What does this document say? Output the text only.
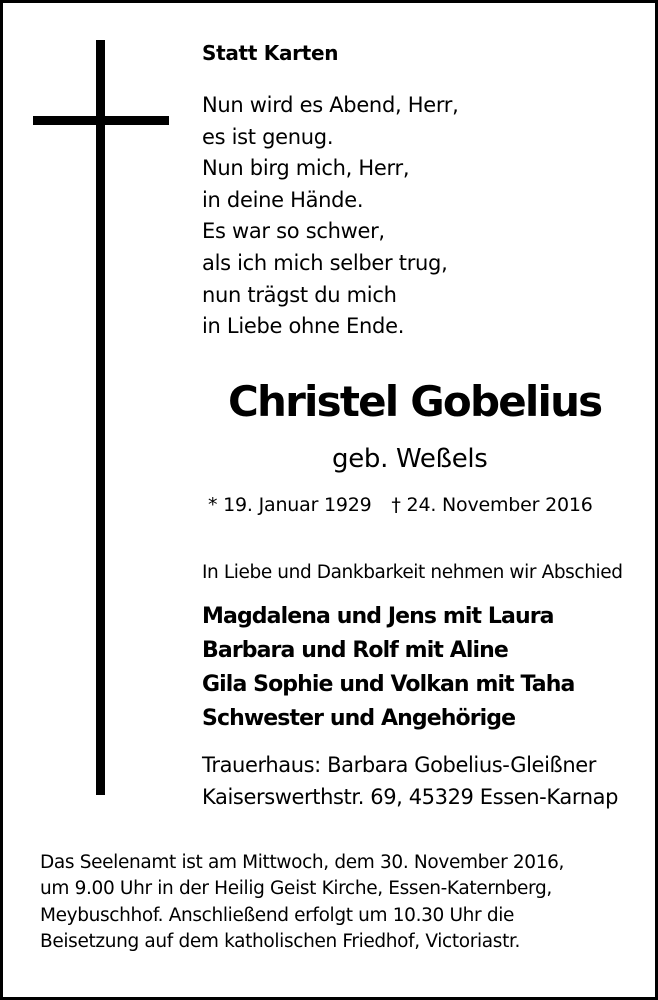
Statt Karten
Nun wird es Abend, Herr,
es ist genug.
Nun birg mich, Herr,
in deine Hände.
Es war so schwer,
als ich mich selber trug,
nun trägst du mich
in Liebe ohne Ende.
Christel Gobelius
geb. Weßels
* 19. Januar 1929 † 24. November 2016
In Liebe und Dankbarkeit nehmen wir Abschied
Magdalena und Jens mit Laura
Barbara und Rolf mit Aline
Gila Sophie und Volkan mit Taha
Schwester und Angehörige
Trauerhaus: Barbara Gobelius-Gleißner
Kaiserswerthstr. 69, 45329 Essen-Karnap
Das Seelenamt ist am Mittwoch, dem 30. November 2016,
um 9.00 Uhr in der Heilig Geist Kirche, Essen-Katernberg,
Meybuschhof. Anschließend erfolgt um 10.30 Uhr die
Beisetzung auf dem katholischen Friedhof, Victoriastr.
